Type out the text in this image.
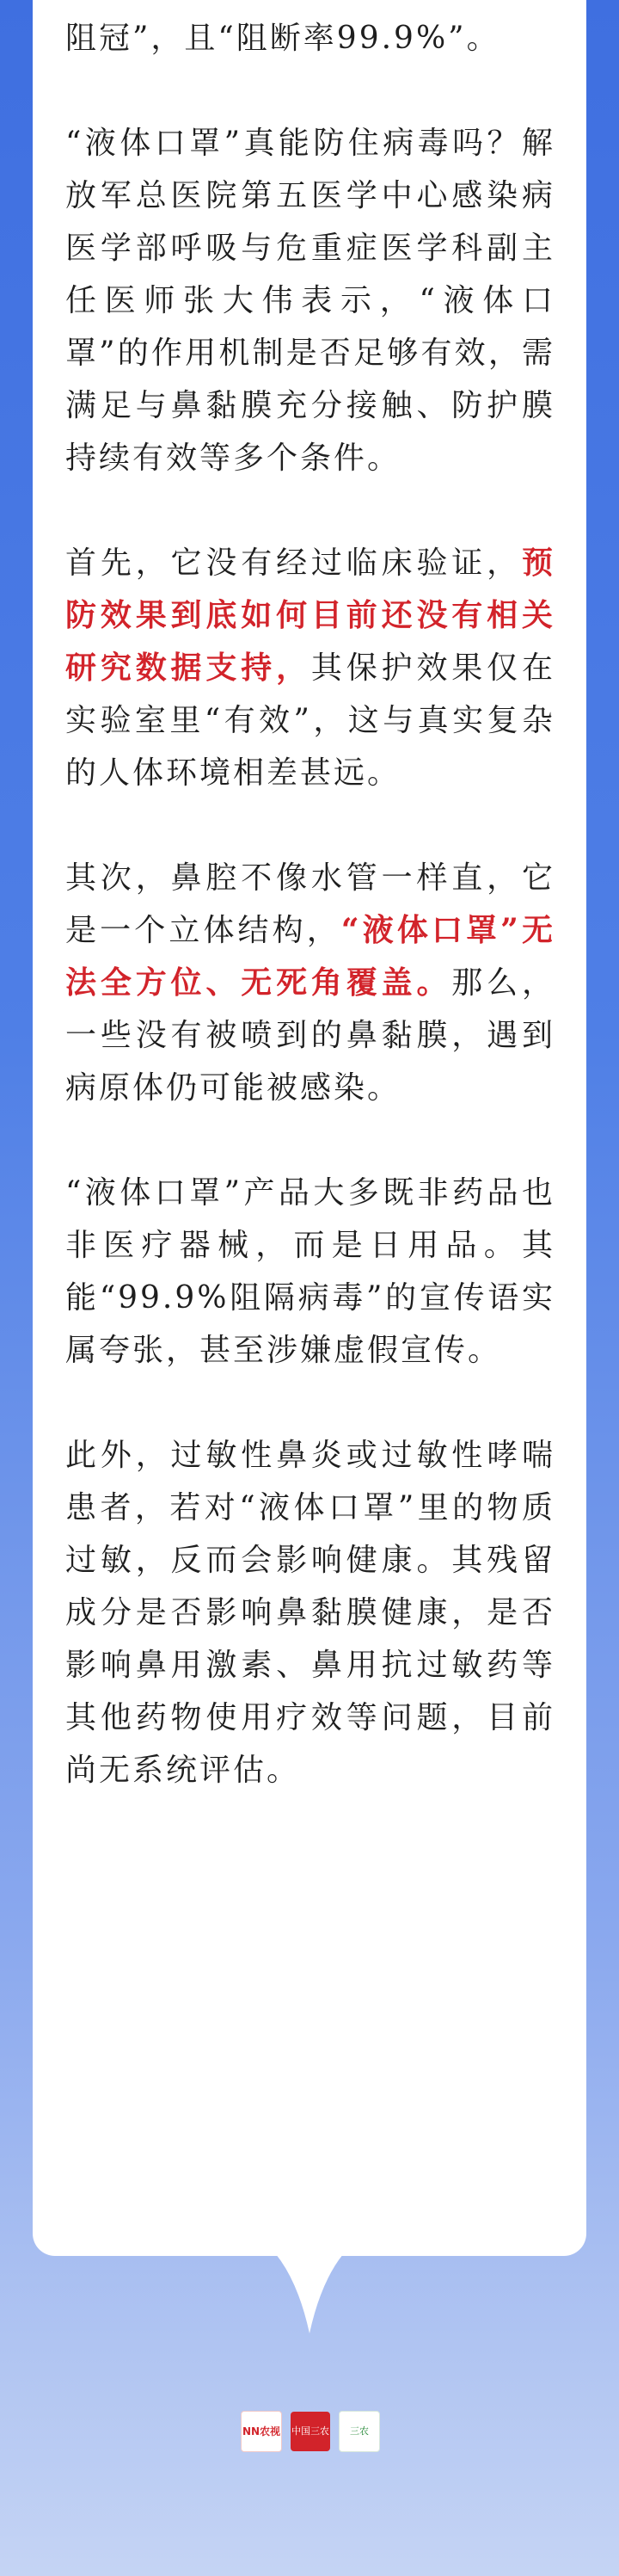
阻冠”，且“阻断率99.9%”。

“液体口罩”真能防住病毒吗？解放军总医院第五医学中心感染病医学部呼吸与危重症医学科副主任医师张大伟表示，“液体口罩”的作用机制是否足够有效，需满足与鼻黏膜充分接触、防护膜持续有效等多个条件。

首先，它没有经过临床验证，预防效果到底如何目前还没有相关研究数据支持，其保护效果仅在实验室里“有效”，这与真实复杂的人体环境相差甚远。

其次，鼻腔不像水管一样直，它是一个立体结构，“液体口罩”无法全方位、无死角覆盖。那么，一些没有被喷到的鼻黏膜，遇到病原体仍可能被感染。

“液体口罩”产品大多既非药品也非医疗器械，而是日用品。其能“99.9%阻隔病毒”的宣传语实属夸张，甚至涉嫌虚假宣传。

此外，过敏性鼻炎或过敏性哮喘患者，若对“液体口罩”里的物质过敏，反而会影响健康。其残留成分是否影响鼻黏膜健康，是否影响鼻用激素、鼻用抗过敏药等其他药物使用疗效等问题，目前尚无系统评估。

NN农视 中国三农 三农
